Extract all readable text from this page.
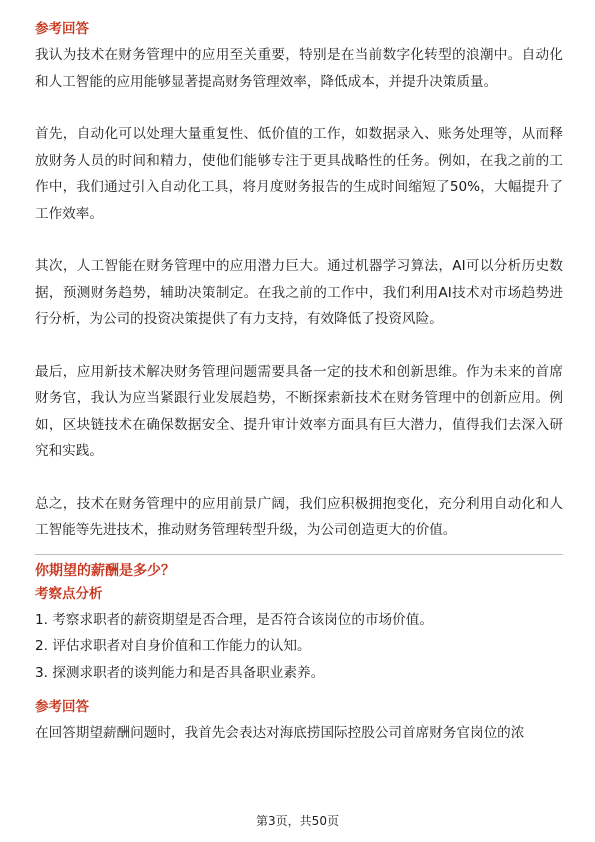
参考回答

我认为技术在财务管理中的应用至关重要，特别是在当前数字化转型的浪潮中。自动化和人工智能的应用能够显著提高财务管理效率，降低成本，并提升决策质量。

首先，自动化可以处理大量重复性、低价值的工作，如数据录入、账务处理等，从而释放财务人员的时间和精力，使他们能够专注于更具战略性的任务。例如，在我之前的工作中，我们通过引入自动化工具，将月度财务报告的生成时间缩短了50%，大幅提升了工作效率。

其次，人工智能在财务管理中的应用潜力巨大。通过机器学习算法，AI可以分析历史数据，预测财务趋势，辅助决策制定。在我之前的工作中，我们利用AI技术对市场趋势进行分析，为公司的投资决策提供了有力支持，有效降低了投资风险。

最后，应用新技术解决财务管理问题需要具备一定的技术和创新思维。作为未来的首席财务官，我认为应当紧跟行业发展趋势，不断探索新技术在财务管理中的创新应用。例如，区块链技术在确保数据安全、提升审计效率方面具有巨大潜力，值得我们去深入研究和实践。

总之，技术在财务管理中的应用前景广阔，我们应积极拥抱变化，充分利用自动化和人工智能等先进技术，推动财务管理转型升级，为公司创造更大的价值。

你期望的薪酬是多少？
考察点分析

1. 考察求职者的薪资期望是否合理，是否符合该岗位的市场价值。

2. 评估求职者对自身价值和工作能力的认知。

3. 探测求职者的谈判能力和是否具备职业素养。

参考回答

在回答期望薪酬问题时，我首先会表达对海底捞国际控股公司首席财务官岗位的浓

第3页，共50页
